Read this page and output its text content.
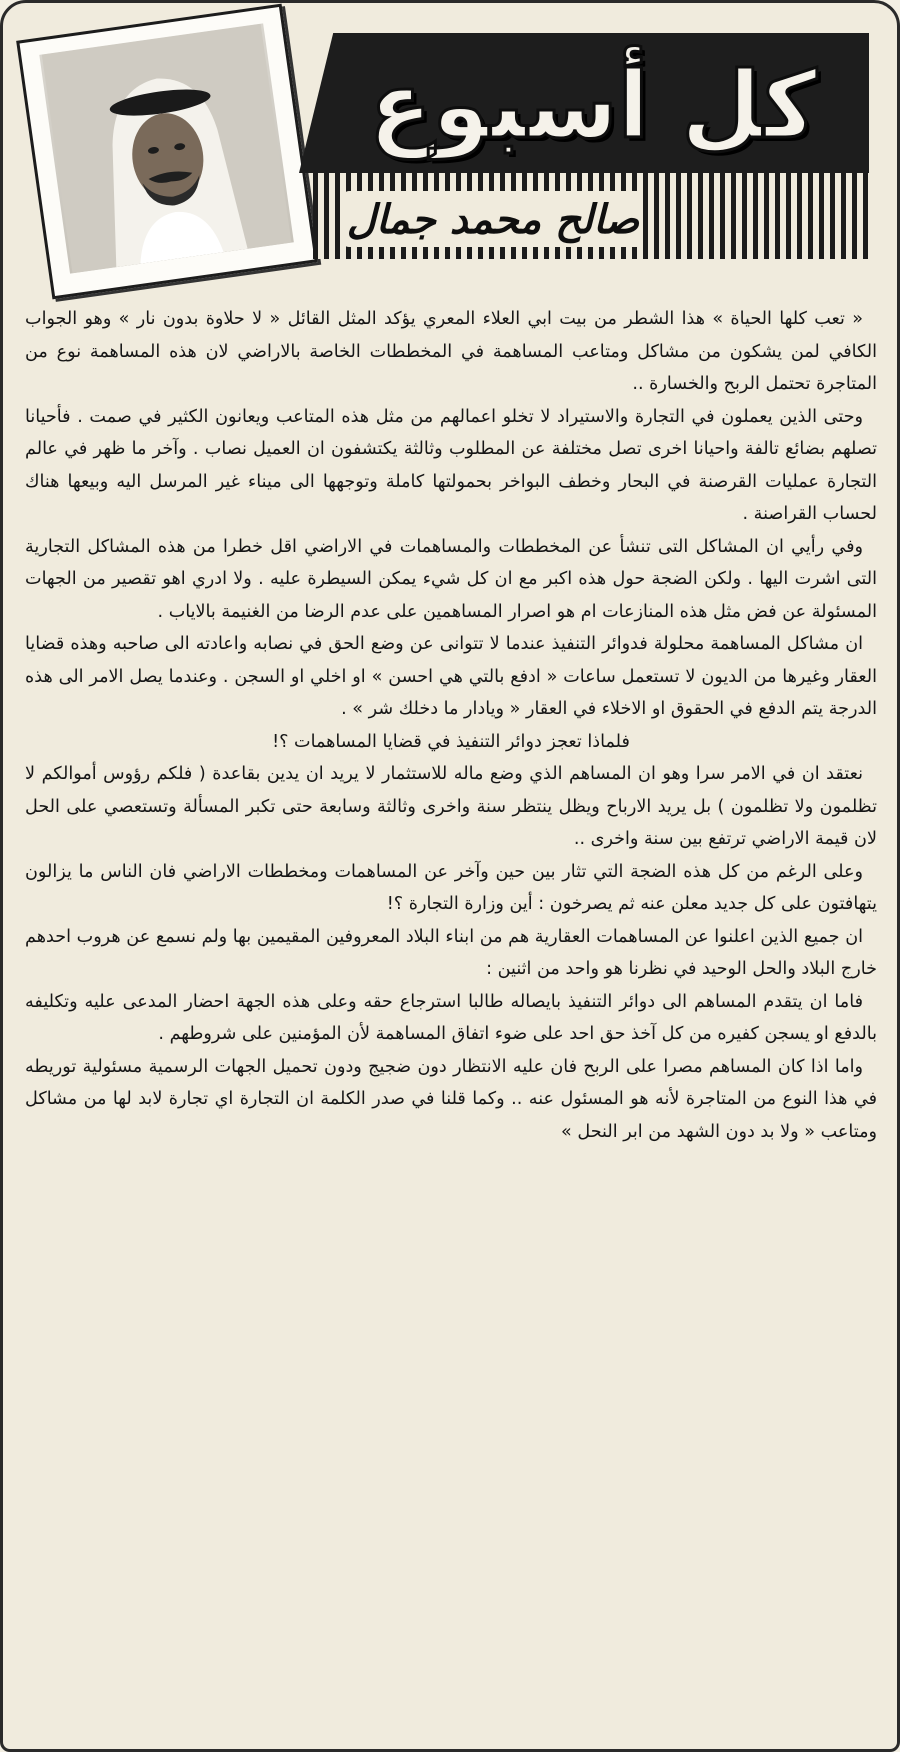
كل أسبوع
صالح محمد جمال

« تعب كلها الحياة » هذا الشطر من بيت ابي العلاء المعري يؤكد المثل القائل « لا حلاوة بدون نار » وهو الجواب الكافي لمن يشكون من مشاكل ومتاعب المساهمة في المخططات الخاصة بالاراضي لان هذه المساهمة نوع من المتاجرة تحتمل الربح والخسارة ..

وحتى الذين يعملون في التجارة والاستيراد لا تخلو اعمالهم من مثل هذه المتاعب ويعانون الكثير في صمت . فأحيانا تصلهم بضائع تالفة واحيانا اخرى تصل مختلفة عن المطلوب وثالثة يكتشفون ان العميل نصاب . وآخر ما ظهر في عالم التجارة عمليات القرصنة في البحار وخطف البواخر بحمولتها كاملة وتوجهها الى ميناء غير المرسل اليه وبيعها هناك لحساب القراصنة .

وفي رأيي ان المشاكل التى تنشأ عن المخططات والمساهمات في الاراضي اقل خطرا من هذه المشاكل التجارية التى اشرت اليها . ولكن الضجة حول هذه اكبر مع ان كل شيء يمكن السيطرة عليه . ولا ادري اهو تقصير من الجهات المسئولة عن فض مثل هذه المنازعات ام هو اصرار المساهمين على عدم الرضا من الغنيمة بالاياب .

ان مشاكل المساهمة محلولة فدوائر التنفيذ عندما لا تتوانى عن وضع الحق في نصابه واعادته الى صاحبه وهذه قضايا العقار وغيرها من الديون لا تستعمل ساعات « ادفع بالتي هي احسن » او اخلي او السجن . وعندما يصل الامر الى هذه الدرجة يتم الدفع في الحقوق او الاخلاء في العقار « ويادار ما دخلك شر » .

فلماذا تعجز دوائر التنفيذ في قضايا المساهمات ؟!

نعتقد ان في الامر سرا وهو ان المساهم الذي وضع ماله للاستثمار لا يريد ان يدين بقاعدة ( فلكم رؤوس أموالكم لا تظلمون ولا تظلمون ) بل يريد الارباح ويظل ينتظر سنة واخرى وثالثة وسابعة حتى تكبر المسألة وتستعصي على الحل لان قيمة الاراضي ترتفع بين سنة واخرى ..

وعلى الرغم من كل هذه الضجة التي تثار بين حين وآخر عن المساهمات ومخططات الاراضي فان الناس ما يزالون يتهافتون على كل جديد معلن عنه ثم يصرخون : أين وزارة التجارة ؟!

ان جميع الذين اعلنوا عن المساهمات العقارية هم من ابناء البلاد المعروفين المقيمين بها ولم نسمع عن هروب احدهم خارج البلاد والحل الوحيد في نظرنا هو واحد من اثنين :

فاما ان يتقدم المساهم الى دوائر التنفيذ بايصاله طالبا استرجاع حقه وعلى هذه الجهة احضار المدعى عليه وتكليفه بالدفع او يسجن كفيره من كل آخذ حق احد على ضوء اتفاق المساهمة لأن المؤمنين على شروطهم .

واما اذا كان المساهم مصرا على الربح فان عليه الانتظار دون ضجيج ودون تحميل الجهات الرسمية مسئولية توريطه في هذا النوع من المتاجرة لأنه هو المسئول عنه .. وكما قلنا في صدر الكلمة ان التجارة اي تجارة لابد لها من مشاكل ومتاعب « ولا بد دون الشهد من ابر النحل »
